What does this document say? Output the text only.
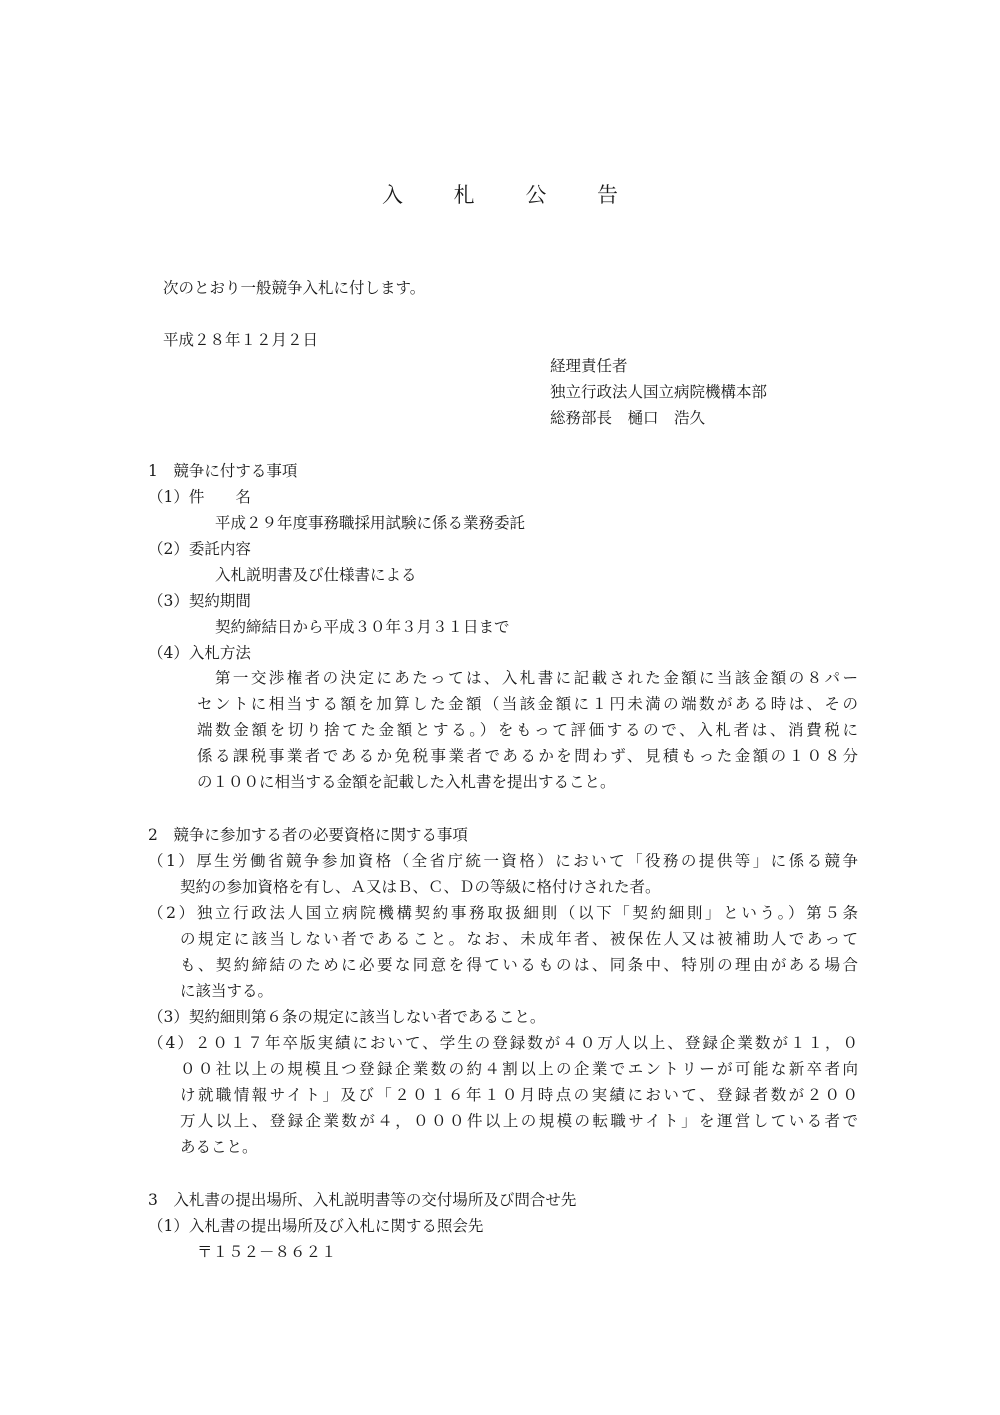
入 札 公 告
次のとおり一般競争入札に付します。
平成２８年１２月２日
経理責任者
独立行政法人国立病院機構本部
総務部長　樋口　浩久
1　競争に付する事項
（1）件　　名
平成２９年度事務職採用試験に係る業務委託
（2）委託内容
入札説明書及び仕様書による
（3）契約期間
契約締結日から平成３０年３月３１日まで
（4）入札方法
第一交渉権者の決定にあたっては、入札書に記載された金額に当該金額の８パー
セントに相当する額を加算した金額（当該金額に１円未満の端数がある時は、その
端数金額を切り捨てた金額とする。）をもって評価するので、入札者は、消費税に
係る課税事業者であるか免税事業者であるかを問わず、見積もった金額の１０８分
の１００に相当する金額を記載した入札書を提出すること。
2　競争に参加する者の必要資格に関する事項
（1）厚生労働省競争参加資格（全省庁統一資格）において「役務の提供等」に係る競争
契約の参加資格を有し、Ａ又はＢ、Ｃ、Ｄの等級に格付けされた者。
（2）独立行政法人国立病院機構契約事務取扱細則（以下「契約細則」という。）第５条
の規定に該当しない者であること。なお、未成年者、被保佐人又は被補助人であって
も、契約締結のために必要な同意を得ているものは、同条中、特別の理由がある場合
に該当する。
（3）契約細則第６条の規定に該当しない者であること。
（4）２０１７年卒版実績において、学生の登録数が４０万人以上、登録企業数が１１，０
００社以上の規模且つ登録企業数の約４割以上の企業でエントリーが可能な新卒者向
け就職情報サイト」及び「２０１６年１０月時点の実績において、登録者数が２００
万人以上、登録企業数が４，０００件以上の規模の転職サイト」を運営している者で
あること。
3　入札書の提出場所、入札説明書等の交付場所及び問合せ先
（1）入札書の提出場所及び入札に関する照会先
〒１５２－８６２１
